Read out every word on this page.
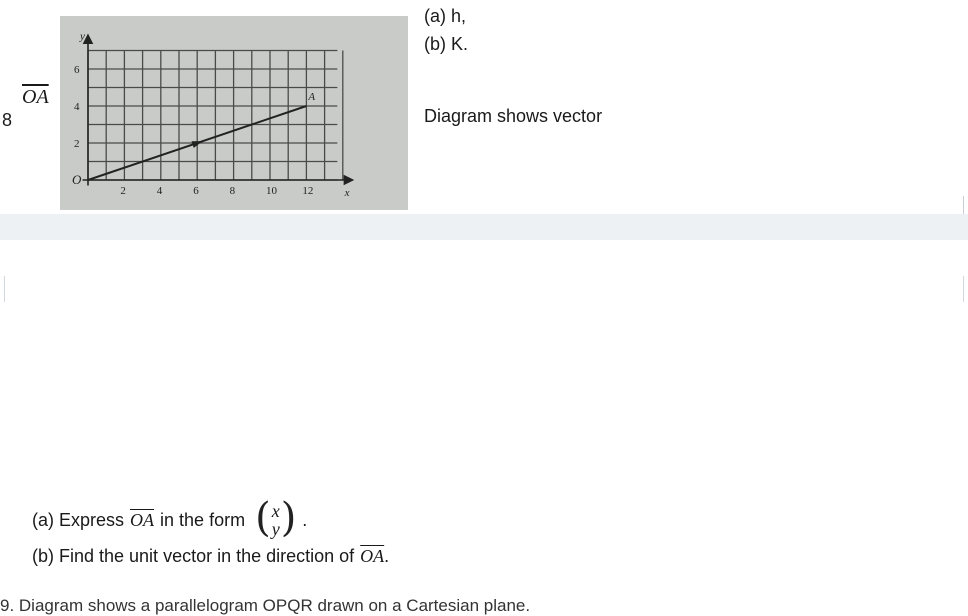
8
$\overline{OA}$
2	4	6	8	10 12
2
4
6
O
A
y
x
(a) h,
(b) K.
Diagram shows vector
(a) Express $\overline{OA}$ in the form ( x
y ) .
(b) Find the unit vector in the direction of $\overline{OA}$ .
9. Diagram shows a parallelogram OPQR drawn on a Cartesian plane.
